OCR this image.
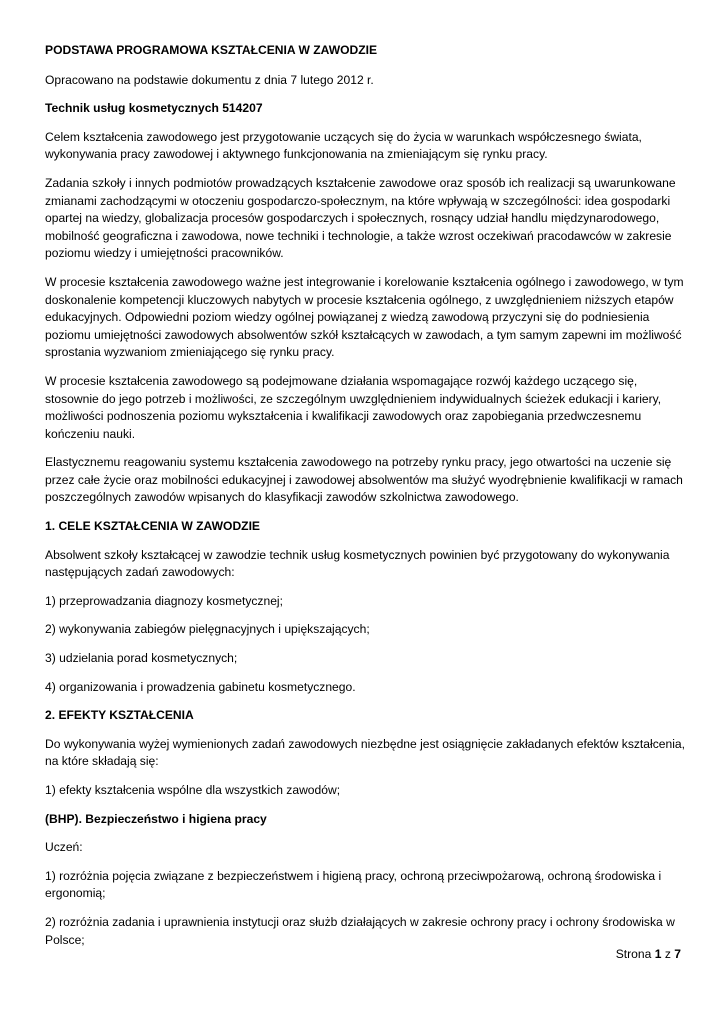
PODSTAWA PROGRAMOWA KSZTAŁCENIA W ZAWODZIE

Opracowano na podstawie dokumentu z dnia 7 lutego 2012 r.

Technik usług kosmetycznych 514207

Celem kształcenia zawodowego jest przygotowanie uczących się do życia w warunkach współczesnego świata, wykonywania pracy zawodowej i aktywnego funkcjonowania na zmieniającym się rynku pracy.

Zadania szkoły i innych podmiotów prowadzących kształcenie zawodowe oraz sposób ich realizacji są uwarunkowane zmianami zachodzącymi w otoczeniu gospodarczo-społecznym, na które wpływają w szczególności: idea gospodarki opartej na wiedzy, globalizacja procesów gospodarczych i społecznych, rosnący udział handlu międzynarodowego, mobilność geograficzna i zawodowa, nowe techniki i technologie, a także wzrost oczekiwań pracodawców w zakresie poziomu wiedzy i umiejętności pracowników.

W procesie kształcenia zawodowego ważne jest integrowanie i korelowanie kształcenia ogólnego i zawodowego, w tym doskonalenie kompetencji kluczowych nabytych w procesie kształcenia ogólnego, z uwzględnieniem niższych etapów edukacyjnych. Odpowiedni poziom wiedzy ogólnej powiązanej z wiedzą zawodową przyczyni się do podniesienia poziomu umiejętności zawodowych absolwentów szkół kształcących w zawodach, a tym samym zapewni im możliwość sprostania wyzwaniom zmieniającego się rynku pracy.

W procesie kształcenia zawodowego są podejmowane działania wspomagające rozwój każdego uczącego się, stosownie do jego potrzeb i możliwości, ze szczególnym uwzględnieniem indywidualnych ścieżek edukacji i kariery, możliwości podnoszenia poziomu wykształcenia i kwalifikacji zawodowych oraz zapobiegania przedwczesnemu kończeniu nauki.

Elastycznemu reagowaniu systemu kształcenia zawodowego na potrzeby rynku pracy, jego otwartości na uczenie się przez całe życie oraz mobilności edukacyjnej i zawodowej absolwentów ma służyć wyodrębnienie kwalifikacji w ramach poszczególnych zawodów wpisanych do klasyfikacji zawodów szkolnictwa zawodowego.

1. CELE KSZTAŁCENIA W ZAWODZIE

Absolwent szkoły kształcącej w zawodzie technik usług kosmetycznych powinien być przygotowany do wykonywania następujących zadań zawodowych:

1) przeprowadzania diagnozy kosmetycznej;

2) wykonywania zabiegów pielęgnacyjnych i upiększających;

3) udzielania porad kosmetycznych;

4) organizowania i prowadzenia gabinetu kosmetycznego.

2. EFEKTY KSZTAŁCENIA

Do wykonywania wyżej wymienionych zadań zawodowych niezbędne jest osiągnięcie zakładanych efektów kształcenia, na które składają się:

1) efekty kształcenia wspólne dla wszystkich zawodów;

(BHP). Bezpieczeństwo i higiena pracy

Uczeń:

1) rozróżnia pojęcia związane z bezpieczeństwem i higieną pracy, ochroną przeciwpożarową, ochroną środowiska i ergonomią;

2) rozróżnia zadania i uprawnienia instytucji oraz służb działających w zakresie ochrony pracy i ochrony środowiska w Polsce;

Strona 1 z 7
